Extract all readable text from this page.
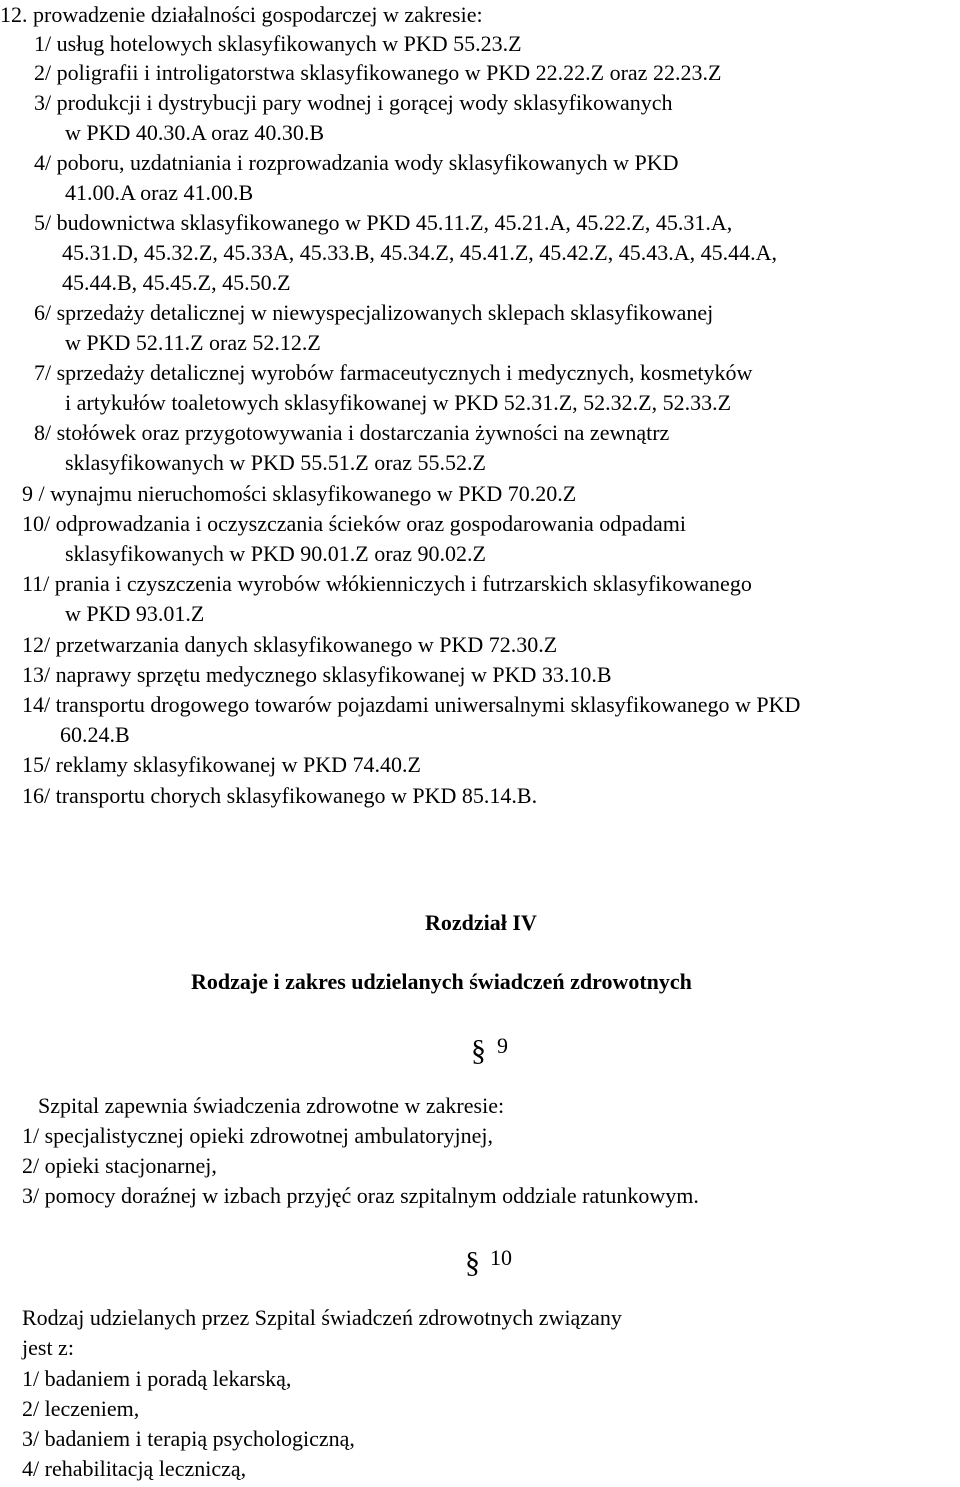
12. prowadzenie działalności gospodarczej w zakresie:
1/ usług hotelowych sklasyfikowanych w PKD 55.23.Z
2/ poligrafii i introligatorstwa sklasyfikowanego w PKD 22.22.Z oraz 22.23.Z
3/ produkcji i dystrybucji pary wodnej i gorącej wody sklasyfikowanych
w PKD 40.30.A oraz 40.30.B
4/ poboru, uzdatniania i rozprowadzania wody sklasyfikowanych w PKD
41.00.A oraz 41.00.B
5/ budownictwa sklasyfikowanego w PKD 45.11.Z, 45.21.A, 45.22.Z, 45.31.A,
45.31.D, 45.32.Z, 45.33A, 45.33.B, 45.34.Z, 45.41.Z, 45.42.Z, 45.43.A, 45.44.A,
45.44.B, 45.45.Z, 45.50.Z
6/ sprzedaży detalicznej w niewyspecjalizowanych sklepach sklasyfikowanej
w PKD 52.11.Z oraz 52.12.Z
7/ sprzedaży detalicznej wyrobów farmaceutycznych i medycznych, kosmetyków
i artykułów toaletowych sklasyfikowanej w PKD 52.31.Z, 52.32.Z, 52.33.Z
8/ stołówek oraz przygotowywania i dostarczania żywności na zewnątrz
sklasyfikowanych w PKD 55.51.Z oraz 55.52.Z
9 / wynajmu nieruchomości sklasyfikowanego w PKD 70.20.Z
10/ odprowadzania i oczyszczania ścieków oraz gospodarowania odpadami
sklasyfikowanych w PKD 90.01.Z oraz 90.02.Z
11/ prania i czyszczenia wyrobów włókienniczych i futrzarskich sklasyfikowanego
w PKD 93.01.Z
12/ przetwarzania danych sklasyfikowanego w PKD 72.30.Z
13/ naprawy sprzętu medycznego sklasyfikowanej w PKD 33.10.B
14/ transportu drogowego towarów pojazdami uniwersalnymi sklasyfikowanego w PKD
60.24.B
15/ reklamy sklasyfikowanej w PKD 74.40.Z
16/ transportu chorych sklasyfikowanego w PKD 85.14.B.
Rozdział IV
Rodzaje i zakres udzielanych świadczeń zdrowotnych
§ 9
Szpital zapewnia świadczenia zdrowotne w zakresie:
1/ specjalistycznej opieki zdrowotnej ambulatoryjnej,
2/ opieki stacjonarnej,
3/ pomocy doraźnej w izbach przyjęć oraz szpitalnym oddziale ratunkowym.
§ 10
Rodzaj udzielanych przez Szpital świadczeń zdrowotnych związany
jest z:
1/ badaniem i poradą lekarską,
2/ leczeniem,
3/ badaniem i terapią psychologiczną,
4/ rehabilitacją leczniczą,
